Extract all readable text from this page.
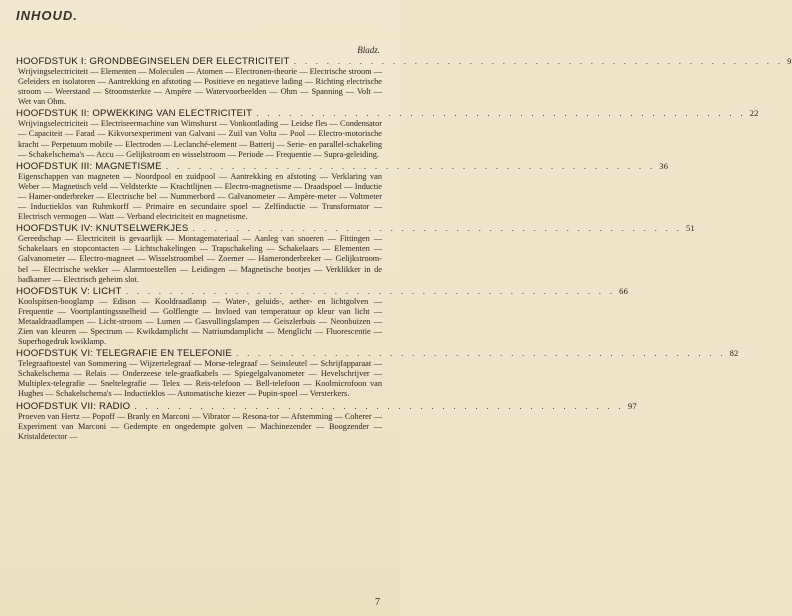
INHOUD.
Bladz.
HOOFDSTUK I: GRONDBEGINSELEN DER ELECTRICITEIT . . . . . . . . . . . . . . . . . . . . . . . . . . . . . . . . . . . . . . . . . . . . . 9

Wrijvingselectriciteit — Elementen — Moleculen — Atomen — Electronen-theorie — Electrische stroom — Geleiders en isolatoren — Aantrekking en afstoting — Positieve en negatieve lading — Richting electrische stroom — Weerstand — Stroomsterkte — Ampère — Watervoorbeelden — Ohm — Spanning — Volt — Wet van Ohm.

HOOFDSTUK II: OPWEKKING VAN ELECTRICITEIT . . . . . . . . . . . . . . . . . . . . . . . . . . . . . . . . . . . . . . . . . . . . . 22

Wrijvingselectriciteit — Electriseermachine van Wimshurst — Vonkontlading — Leidse fles — Condensator — Capaciteit — Farad — Kikvorsexperiment van Galvani — Zuil van Volta — Pool — Electro-motorische kracht — Perpetuum mobile — Electroden — Leclanché-element — Batterij — Serie- en parallel-schakeling — Schakelschema's — Accu — Gelijkstroom en wisselstroom — Periode — Frequentie — Supra-geleiding.

HOOFDSTUK III: MAGNETISME . . . . . . . . . . . . . . . . . . . . . . . . . . . . . . . . . . . . . . . . . . . . . 36

Eigenschappen van magneten — Noordpool en zuidpool — Aantrekking en afstoting — Verklaring van Weber — Magnetisch veld — Veldsterkte — Krachtlijnen — Electro-magnetisme — Draadspoel — Inductie — Hamer-onderbreker — Electrische bel — Nummerbord — Galvanometer — Ampère-meter — Voltmeter — Inductieklos van Ruhmkorff — Primaire en secundaire spoel — Zelfinductie — Transformator — Electrisch vermogen — Watt — Verband electriciteit en magnetisme.

HOOFDSTUK IV: KNUTSELWERKJES . . . . . . . . . . . . . . . . . . . . . . . . . . . . . . . . . . . . . . . . . . . . . 51

Gereedschap — Electriciteit is gevaarlijk — Montagemateriaal — Aanleg van snoeren — Fittingen — Schakelaars en stopcontacten — Lichtschakelingen — Trapschakeling — Schakelaars — Elementen — Galvanometer — Electro-magneet — Wisselstroombel — Zoemer — Hameronderbreker — Gelijkstroom-bel — Electrische wekker — Alarmtoestellen — Leidingen — Magnetische bootjes — Verklikker in de badkamer — Electrisch geheim slot.

HOOFDSTUK V: LICHT . . . . . . . . . . . . . . . . . . . . . . . . . . . . . . . . . . . . . . . . . . . . . 66

Koolspitsen-booglamp — Edison — Kooldraadlamp — Water-, geluids-, aether- en lichtgolven — Frequentie — Voortplantingssnelheid — Golflengte — Invloed van temperatuur op kleur van licht — Metaaldraadlampen — Licht-stroom — Lumen — Gasvullingslampen — Geiszlerbuis — Neonbuizen — Zien van kleuren — Spectrum — Kwikdamplicht — Natriumdamplicht — Menglicht — Fluorescentie — Superhogedruk kwiklamp.

HOOFDSTUK VI: TELEGRAFIE EN TELEFONIE . . . . . . . . . . . . . . . . . . . . . . . . . . . . . . . . . . . . . . . . . . . . . 82

Telegraaftoestel van Sommering — Wijzertelegraaf — Morse-telegraaf — Seinsleutel — Schrijfapparaat — Schakelschema — Relais — Onderzeese tele-graafkabels — Spiegelgalvanometer — Hevelschrijver — Multiplex-telegrafie — Sneltelegrafie — Telex — Reis-telefoon — Bell-telefoon — Koolmicrofoon van Hughes — Schakelschema's — Inductieklos — Automatische kiezer — Pupin-spoel — Versterkers.

HOOFDSTUK VII: RADIO . . . . . . . . . . . . . . . . . . . . . . . . . . . . . . . . . . . . . . . . . . . . . 97

Proeven van Hertz — Popoff — Branly en Marconi — Vibrator — Resona-tor — Afstemming — Coherer — Experiment van Marconi — Gedempte en ongedempte golven — Machinezender — Boogzender — Kristaldetector —

7
